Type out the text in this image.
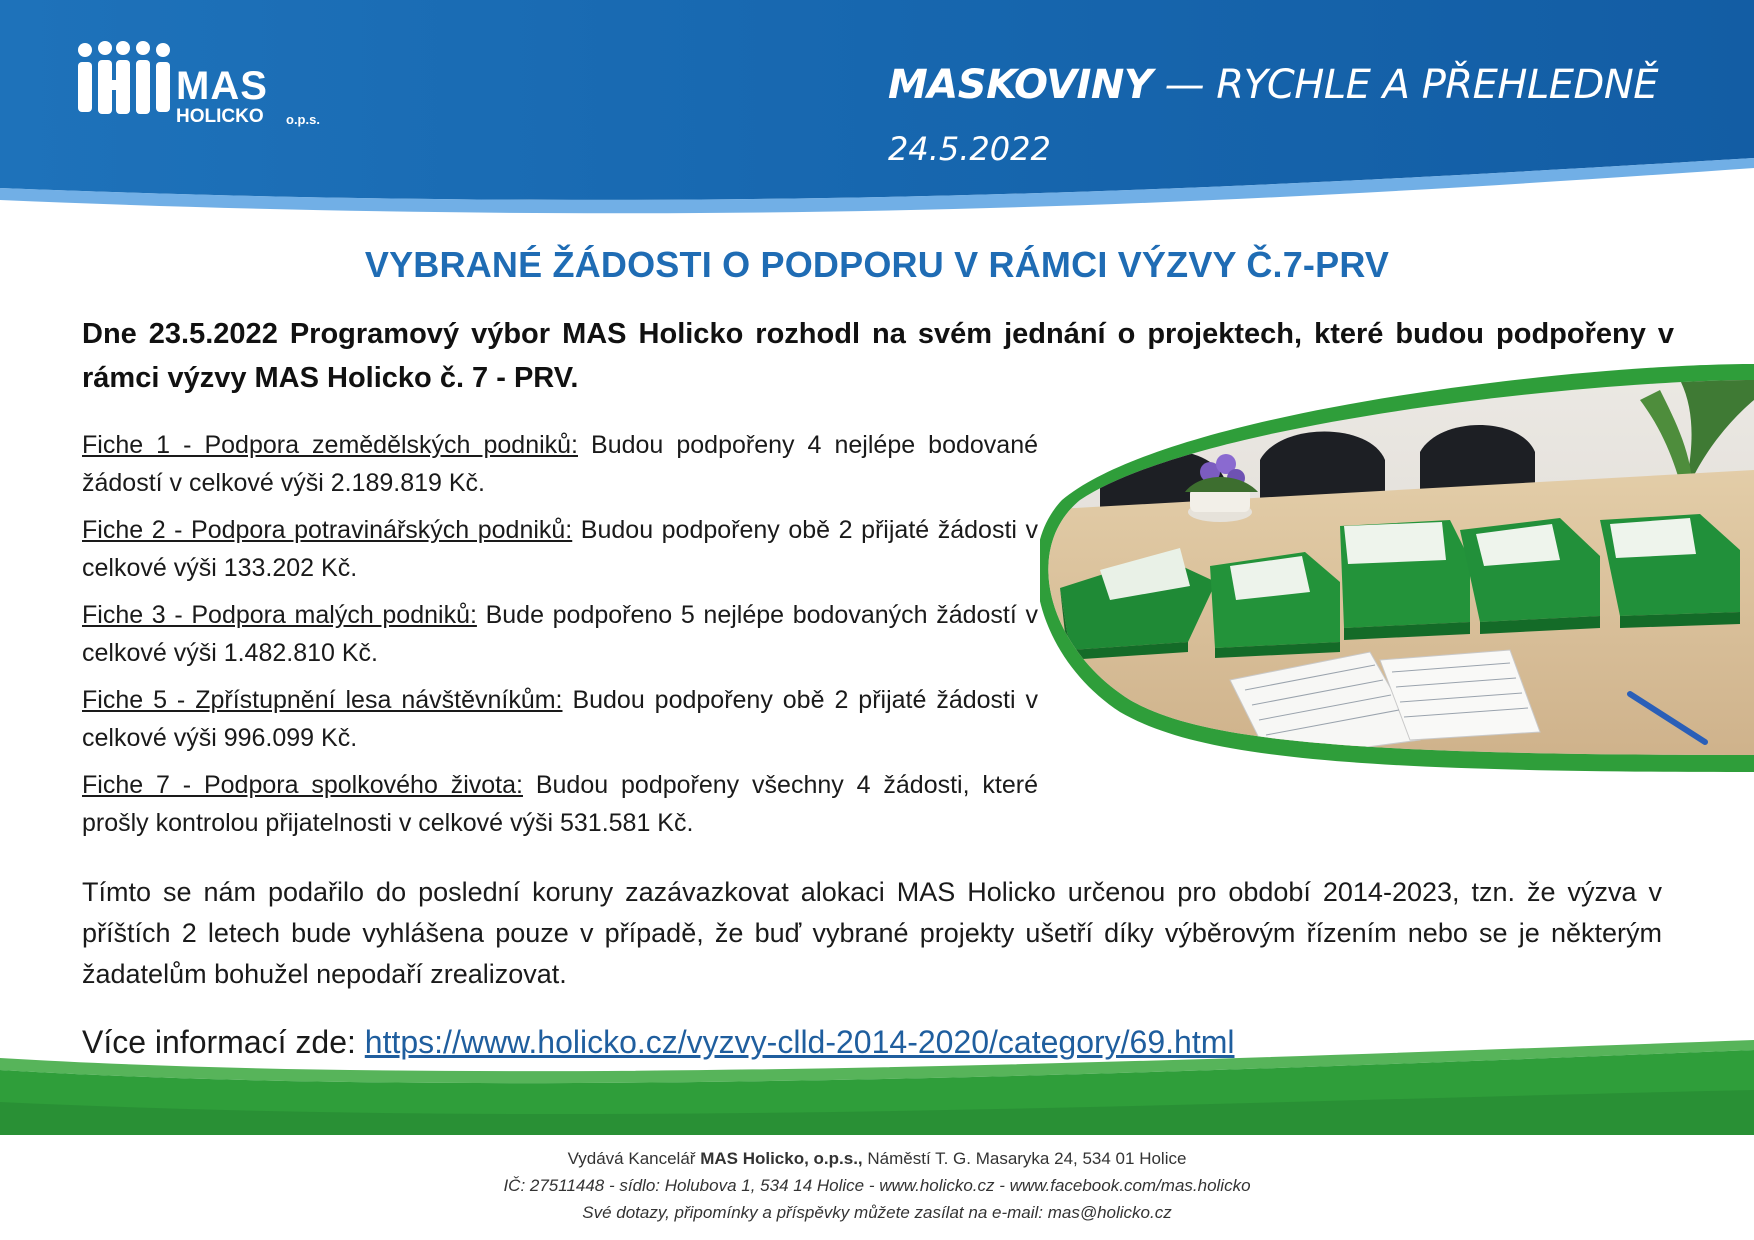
MAS
HOLICKO o.p.s.
MASKOVINY — RYCHLE A PŘEHLEDNĚ
24.5.2022
VYBRANÉ ŽÁDOSTI O PODPORU V RÁMCI VÝZVY Č.7-PRV
Dne 23.5.2022 Programový výbor MAS Holicko rozhodl na svém jednání o projektech, které budou podpořeny v rámci výzvy MAS Holicko č. 7 - PRV.
Fiche 1 - Podpora zemědělských podniků: Budou podpořeny 4 nejlépe bodované žádostí v celkové výši 2.189.819 Kč.
Fiche 2 - Podpora potravinářských podniků: Budou podpořeny obě 2 přijaté žádosti v celkové výši 133.202 Kč.
Fiche 3 - Podpora malých podniků: Bude podpořeno 5 nejlépe bodovaných žádostí v celkové výši 1.482.810 Kč.
Fiche 5 - Zpřístupnění lesa návštěvníkům: Budou podpořeny obě 2 přijaté žádosti v celkové výši 996.099 Kč.
Fiche 7 - Podpora spolkového života: Budou podpořeny všechny 4 žádosti, které prošly kontrolou přijatelnosti v celkové výši 531.581 Kč.
Tímto se nám podařilo do poslední koruny zazávazkovat alokaci MAS Holicko určenou pro období 2014-2023, tzn. že výzva v příštích 2 letech bude vyhlášena pouze v případě, že buď vybrané projekty ušetří díky výběrovým řízením nebo se je některým žadatelům bohužel nepodaří zrealizovat.
Více informací zde: https://www.holicko.cz/vyzvy-clld-2014-2020/category/69.html
Vydává Kancelář MAS Holicko, o.p.s., Náměstí T. G. Masaryka 24, 534 01 Holice
IČ: 27511448 - sídlo: Holubova 1, 534 14 Holice - www.holicko.cz - www.facebook.com/mas.holicko
Své dotazy, připomínky a příspěvky můžete zasílat na e-mail: mas@holicko.cz
